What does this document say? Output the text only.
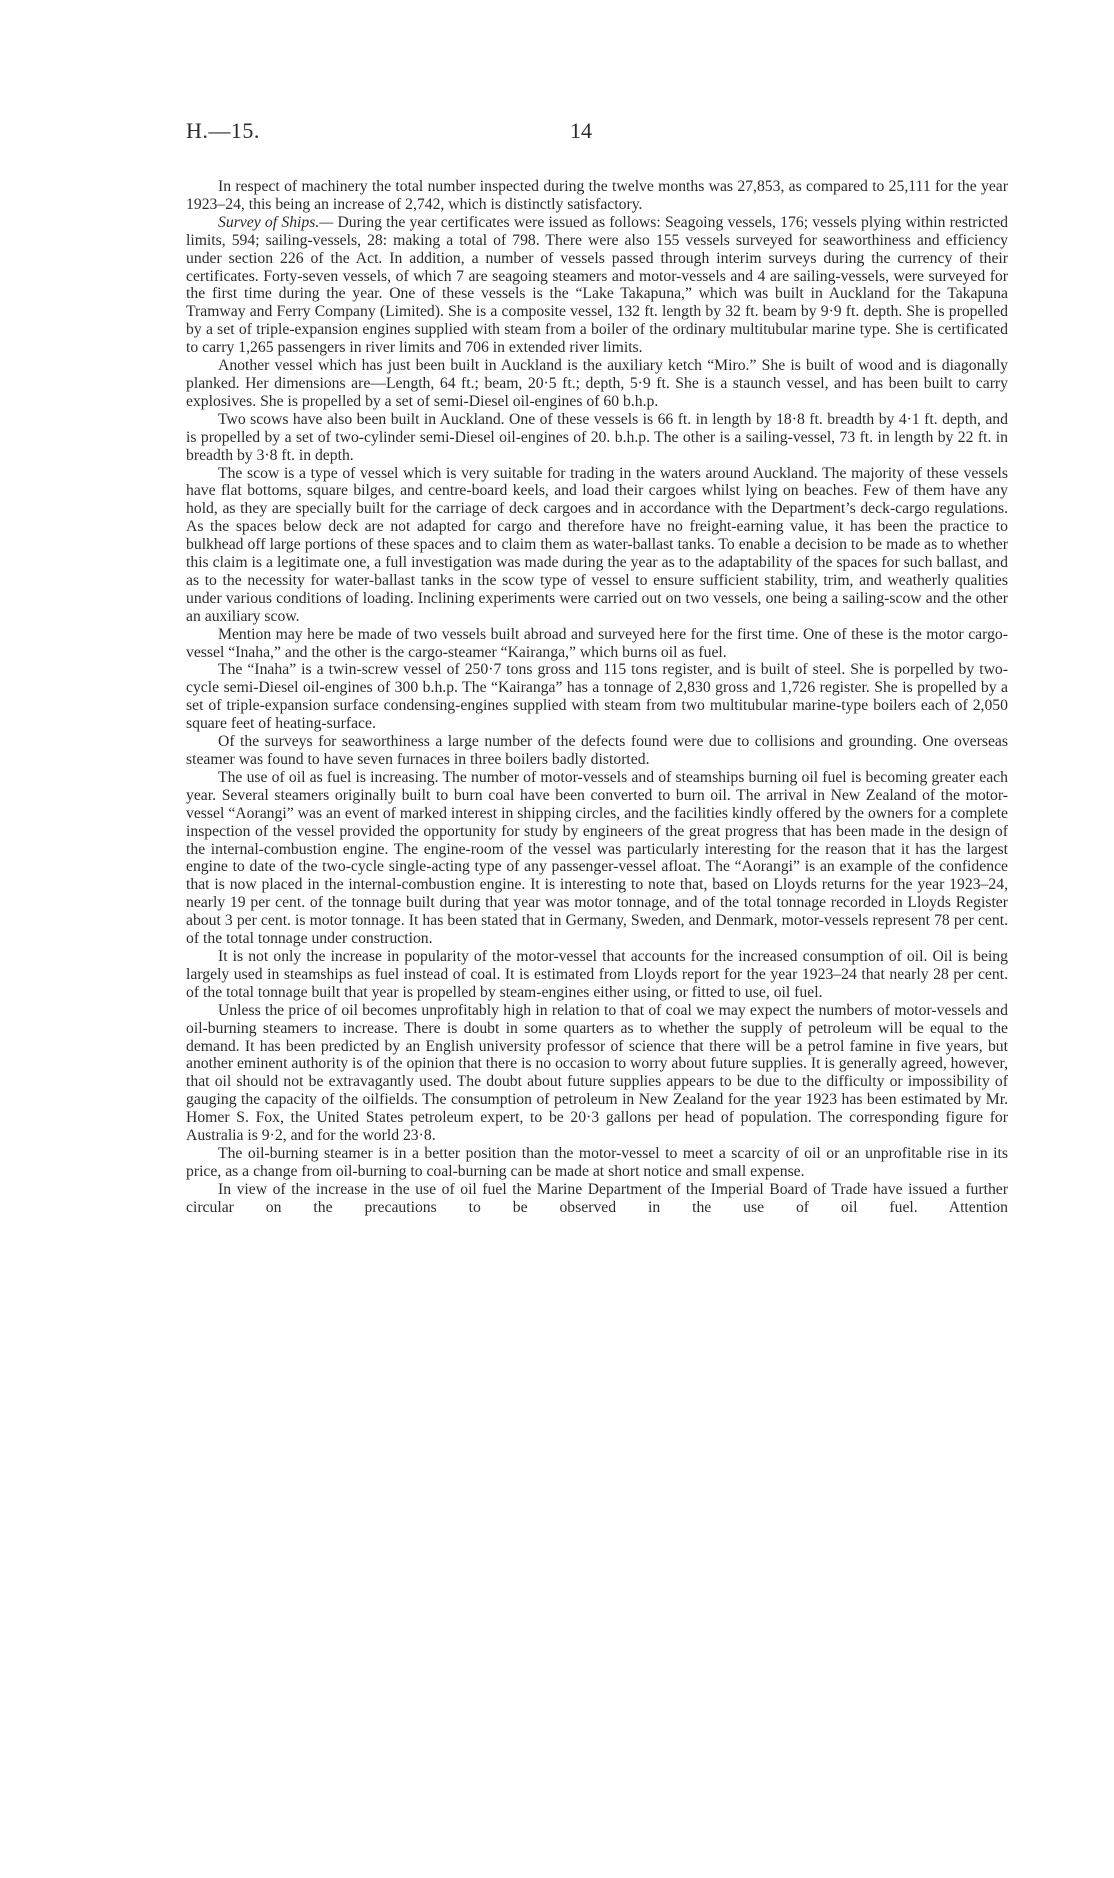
H.—15.	14

In respect of machinery the total number inspected during the twelve months was 27,853, as compared to 25,111 for the year 1923–24, this being an increase of 2,742, which is distinctly satisfactory.

Survey of Ships.— During the year certificates were issued as follows: Seagoing vessels, 176; vessels plying within restricted limits, 594; sailing-vessels, 28: making a total of 798. There were also 155 vessels surveyed for seaworthiness and efficiency under section 226 of the Act. In addition, a number of vessels passed through interim surveys during the currency of their certificates. Forty-seven vessels, of which 7 are seagoing steamers and motor-vessels and 4 are sailing-vessels, were surveyed for the first time during the year. One of these vessels is the “Lake Takapuna,” which was built in Auckland for the Takapuna Tramway and Ferry Company (Limited). She is a composite vessel, 132 ft. length by 32 ft. beam by 9·9 ft. depth. She is propelled by a set of triple-expansion engines supplied with steam from a boiler of the ordinary multitubular marine type. She is certificated to carry 1,265 passengers in river limits and 706 in extended river limits.

Another vessel which has just been built in Auckland is the auxiliary ketch “Miro.” She is built of wood and is diagonally planked. Her dimensions are—Length, 64 ft.; beam, 20·5 ft.; depth, 5·9 ft. She is a staunch vessel, and has been built to carry explosives. She is propelled by a set of semi-Diesel oil-engines of 60 b.h.p.

Two scows have also been built in Auckland. One of these vessels is 66 ft. in length by 18·8 ft. breadth by 4·1 ft. depth, and is propelled by a set of two-cylinder semi-Diesel oil-engines of 20. b.h.p. The other is a sailing-vessel, 73 ft. in length by 22 ft. in breadth by 3·8 ft. in depth.

The scow is a type of vessel which is very suitable for trading in the waters around Auckland. The majority of these vessels have flat bottoms, square bilges, and centre-board keels, and load their cargoes whilst lying on beaches. Few of them have any hold, as they are specially built for the carriage of deck cargoes and in accordance with the Department’s deck-cargo regulations. As the spaces below deck are not adapted for cargo and therefore have no freight-earning value, it has been the practice to bulkhead off large portions of these spaces and to claim them as water-ballast tanks. To enable a decision to be made as to whether this claim is a legitimate one, a full investigation was made during the year as to the adaptability of the spaces for such ballast, and as to the necessity for water-ballast tanks in the scow type of vessel to ensure sufficient stability, trim, and weatherly qualities under various conditions of loading. Inclining experiments were carried out on two vessels, one being a sailing-scow and the other an auxiliary scow.

Mention may here be made of two vessels built abroad and surveyed here for the first time. One of these is the motor cargo-vessel “Inaha,” and the other is the cargo-steamer “Kairanga,” which burns oil as fuel.

The “Inaha” is a twin-screw vessel of 250·7 tons gross and 115 tons register, and is built of steel. She is porpelled by two-cycle semi-Diesel oil-engines of 300 b.h.p. The “Kairanga” has a tonnage of 2,830 gross and 1,726 register. She is propelled by a set of triple-expansion surface condensing-engines supplied with steam from two multitubular marine-type boilers each of 2,050 square feet of heating-surface.

Of the surveys for seaworthiness a large number of the defects found were due to collisions and grounding. One overseas steamer was found to have seven furnaces in three boilers badly distorted.

The use of oil as fuel is increasing. The number of motor-vessels and of steamships burning oil fuel is becoming greater each year. Several steamers originally built to burn coal have been converted to burn oil. The arrival in New Zealand of the motor-vessel “Aorangi” was an event of marked interest in shipping circles, and the facilities kindly offered by the owners for a complete inspection of the vessel provided the opportunity for study by engineers of the great progress that has been made in the design of the internal-combustion engine. The engine-room of the vessel was particularly interesting for the reason that it has the largest engine to date of the two-cycle single-acting type of any passenger-vessel afloat. The “Aorangi” is an example of the confidence that is now placed in the internal-combustion engine. It is interesting to note that, based on Lloyds returns for the year 1923–24, nearly 19 per cent. of the tonnage built during that year was motor tonnage, and of the total tonnage recorded in Lloyds Register about 3 per cent. is motor tonnage. It has been stated that in Germany, Sweden, and Denmark, motor-vessels represent 78 per cent. of the total tonnage under construction.

It is not only the increase in popularity of the motor-vessel that accounts for the increased consumption of oil. Oil is being largely used in steamships as fuel instead of coal. It is estimated from Lloyds report for the year 1923–24 that nearly 28 per cent. of the total tonnage built that year is propelled by steam-engines either using, or fitted to use, oil fuel.

Unless the price of oil becomes unprofitably high in relation to that of coal we may expect the numbers of motor-vessels and oil-burning steamers to increase. There is doubt in some quarters as to whether the supply of petroleum will be equal to the demand. It has been predicted by an English university professor of science that there will be a petrol famine in five years, but another eminent authority is of the opinion that there is no occasion to worry about future supplies. It is generally agreed, however, that oil should not be extravagantly used. The doubt about future supplies appears to be due to the difficulty or impossibility of gauging the capacity of the oilfields. The consumption of petroleum in New Zealand for the year 1923 has been estimated by Mr. Homer S. Fox, the United States petroleum expert, to be 20·3 gallons per head of population. The corresponding figure for Australia is 9·2, and for the world 23·8.

The oil-burning steamer is in a better position than the motor-vessel to meet a scarcity of oil or an unprofitable rise in its price, as a change from oil-burning to coal-burning can be made at short notice and small expense.

In view of the increase in the use of oil fuel the Marine Department of the Imperial Board of Trade have issued a further circular on the precautions to be observed in the use of oil fuel. Attention
